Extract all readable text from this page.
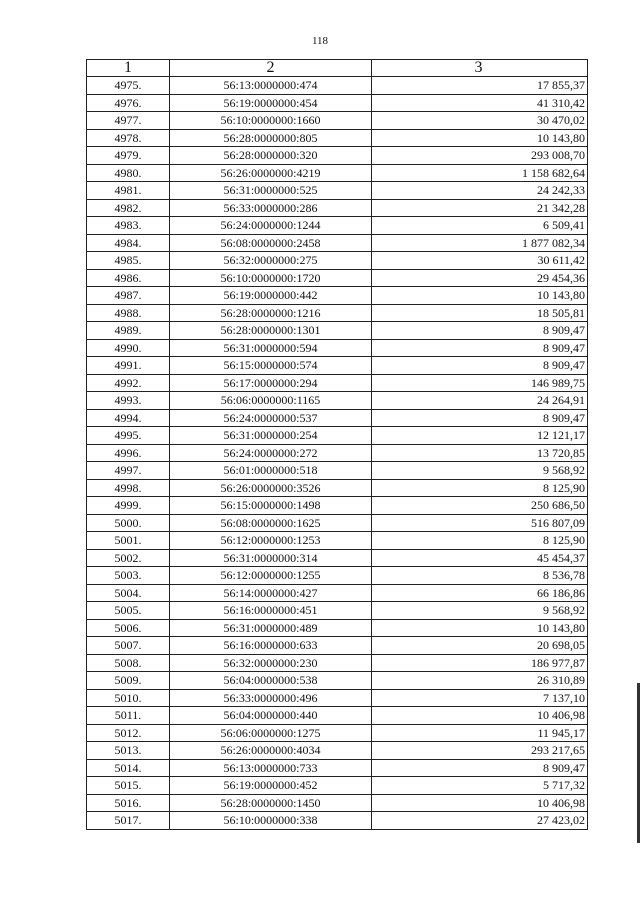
118
1	2	3
4975.	56:13:0000000:474	17 855,37
4976.	56:19:0000000:454	41 310,42
4977.	56:10:0000000:1660	30 470,02
4978.	56:28:0000000:805	10 143,80
4979.	56:28:0000000:320	293 008,70
4980.	56:26:0000000:4219	1 158 682,64
4981.	56:31:0000000:525	24 242,33
4982.	56:33:0000000:286	21 342,28
4983.	56:24:0000000:1244	6 509,41
4984.	56:08:0000000:2458	1 877 082,34
4985.	56:32:0000000:275	30 611,42
4986.	56:10:0000000:1720	29 454,36
4987.	56:19:0000000:442	10 143,80
4988.	56:28:0000000:1216	18 505,81
4989.	56:28:0000000:1301	8 909,47
4990.	56:31:0000000:594	8 909,47
4991.	56:15:0000000:574	8 909,47
4992.	56:17:0000000:294	146 989,75
4993.	56:06:0000000:1165	24 264,91
4994.	56:24:0000000:537	8 909,47
4995.	56:31:0000000:254	12 121,17
4996.	56:24:0000000:272	13 720,85
4997.	56:01:0000000:518	9 568,92
4998.	56:26:0000000:3526	8 125,90
4999.	56:15:0000000:1498	250 686,50
5000.	56:08:0000000:1625	516 807,09
5001.	56:12:0000000:1253	8 125,90
5002.	56:31:0000000:314	45 454,37
5003.	56:12:0000000:1255	8 536,78
5004.	56:14:0000000:427	66 186,86
5005.	56:16:0000000:451	9 568,92
5006.	56:31:0000000:489	10 143,80
5007.	56:16:0000000:633	20 698,05
5008.	56:32:0000000:230	186 977,87
5009.	56:04:0000000:538	26 310,89
5010.	56:33:0000000:496	7 137,10
5011.	56:04:0000000:440	10 406,98
5012.	56:06:0000000:1275	11 945,17
5013.	56:26:0000000:4034	293 217,65
5014.	56:13:0000000:733	8 909,47
5015.	56:19:0000000:452	5 717,32
5016.	56:28:0000000:1450	10 406,98
5017.	56:10:0000000:338	27 423,02
